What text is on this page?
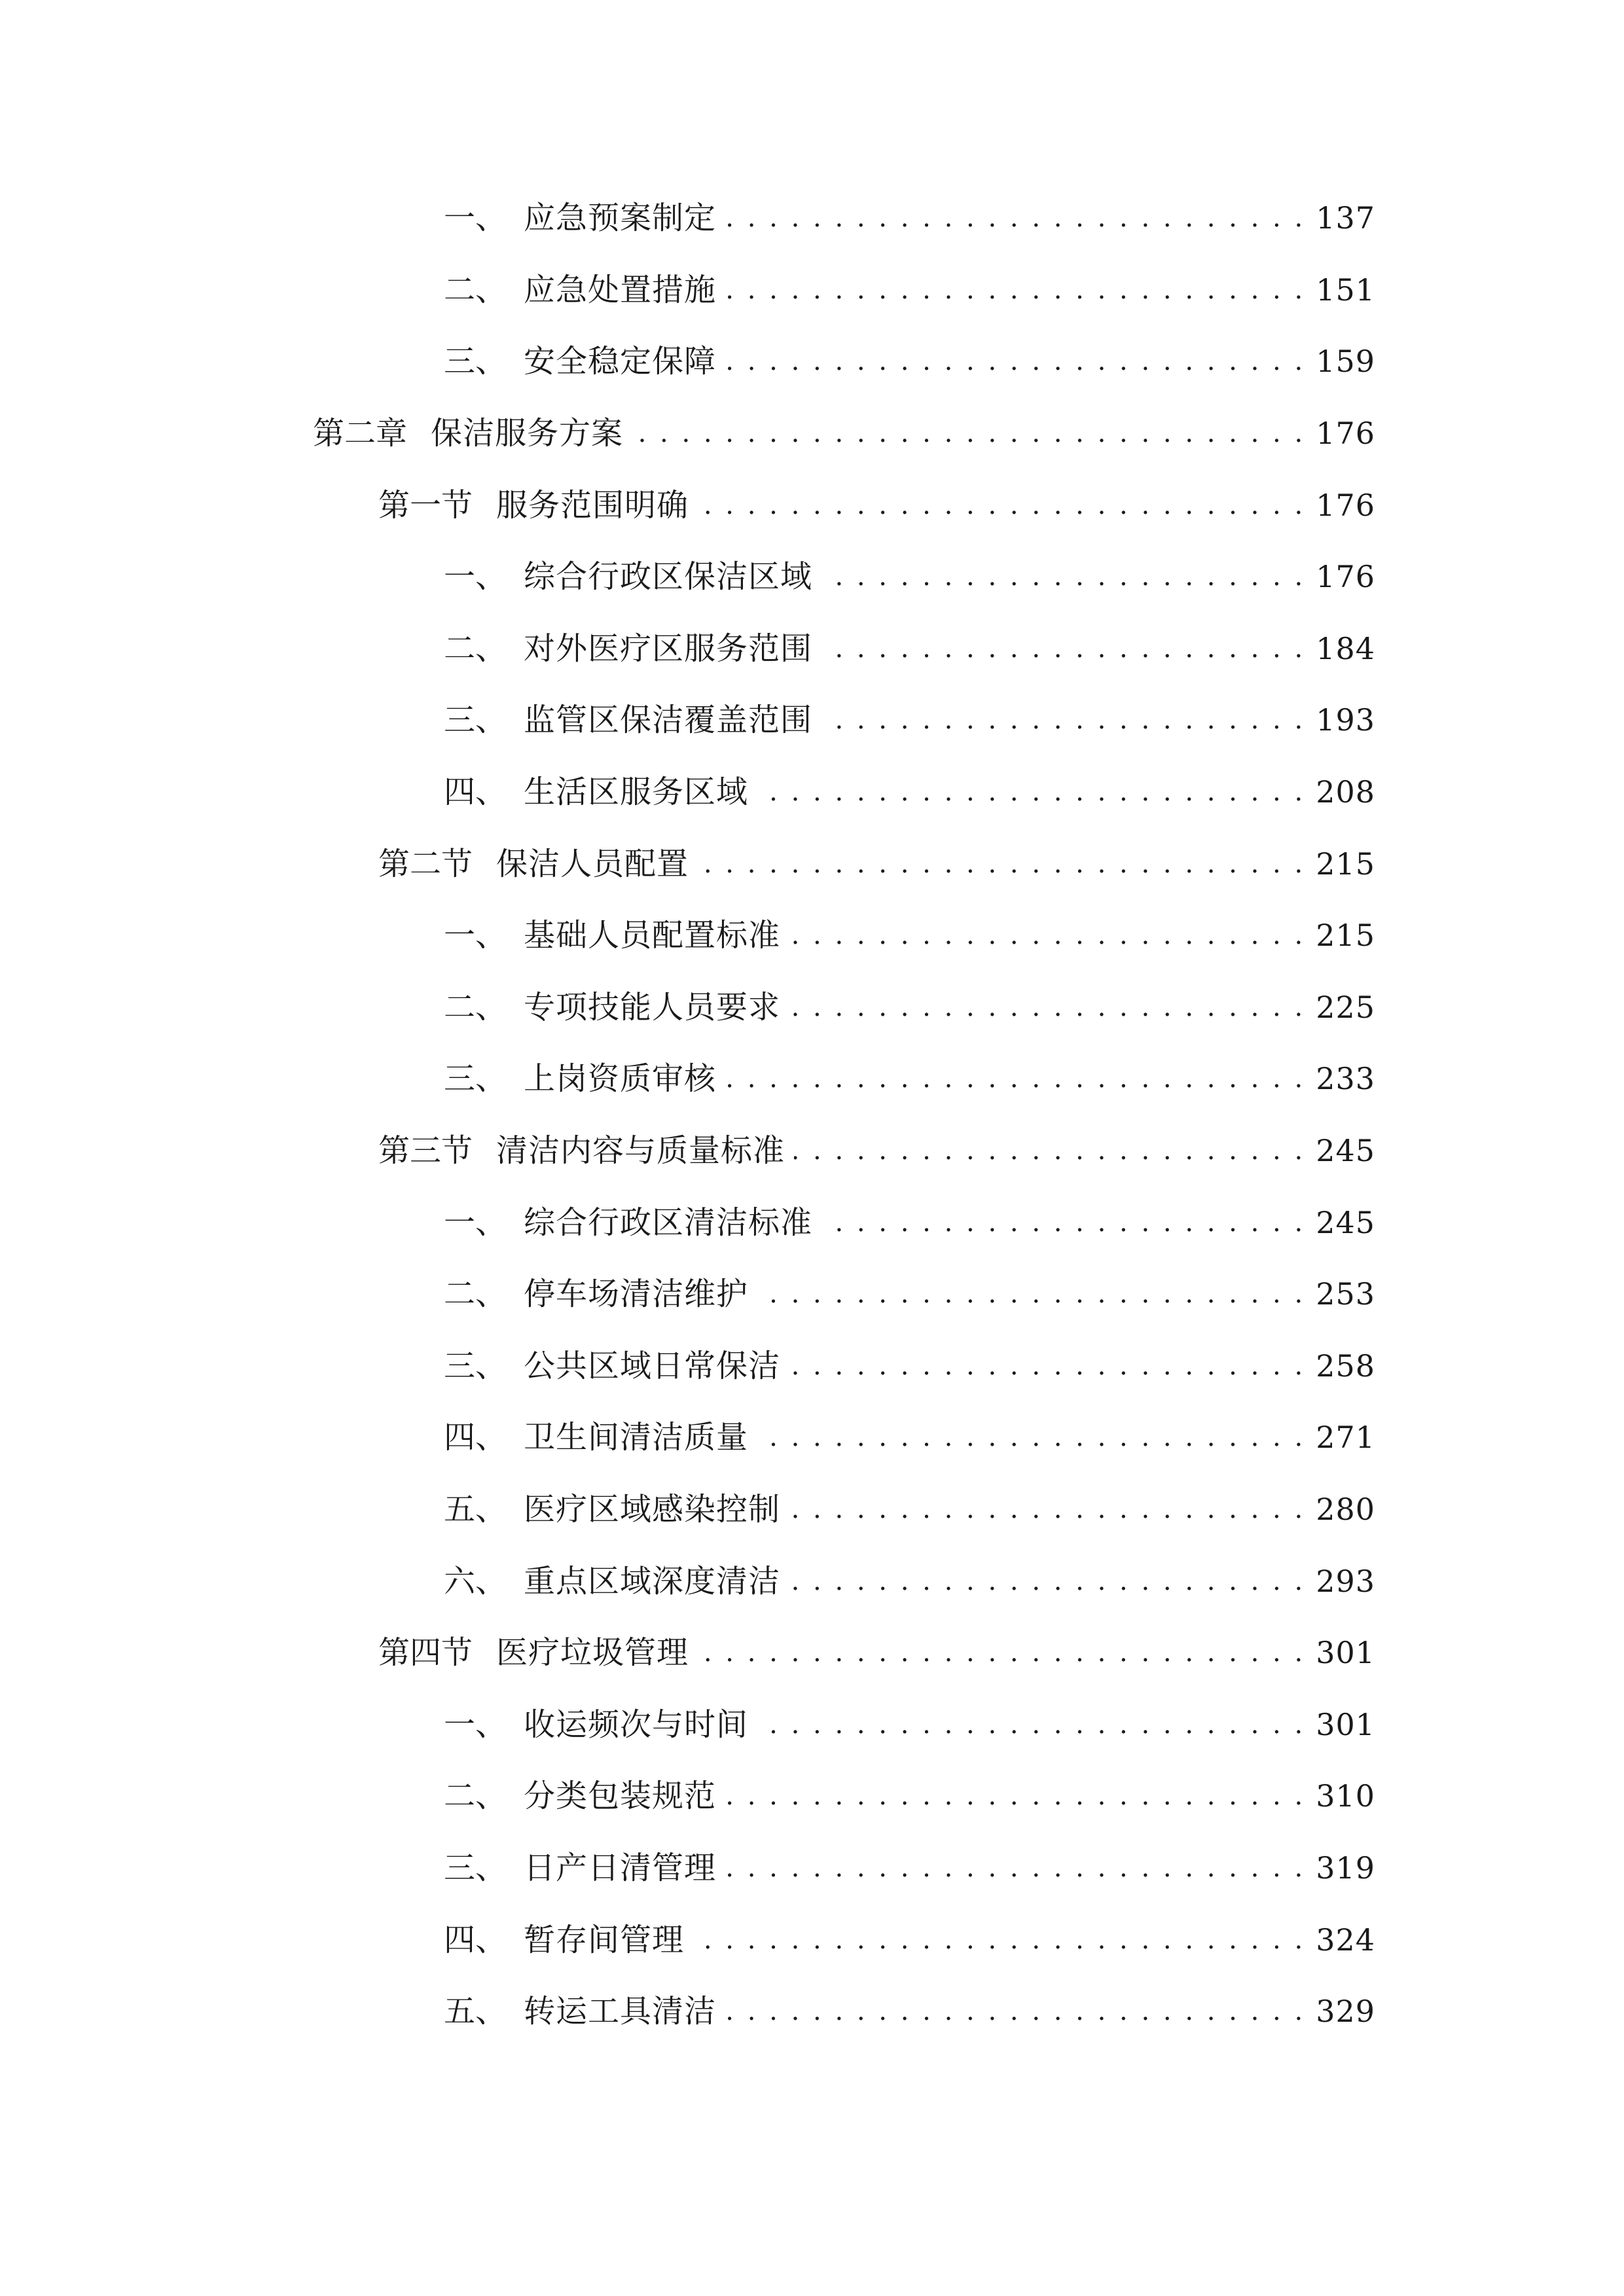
一、 应急预案制定 . . .	137
二、 应急处置措施 . . .	151
三、 安全稳定保障 . . .	159
第二章 保洁服务方案 . . .	176
第一节 服务范围明确 . . .	176
一、 综合行政区保洁区域 . . .	176
二、 对外医疗区服务范围 . . .	184
三、 监管区保洁覆盖范围 . . .	193
四、 生活区服务区域 . . .	208
第二节 保洁人员配置 . . .	215
一、 基础人员配置标准 . . .	215
二、 专项技能人员要求 . . .	225
三、 上岗资质审核 . . .	233
第三节 清洁内容与质量标准 . . .	245
一、 综合行政区清洁标准 . . .	245
二、 停车场清洁维护 . . .	253
三、 公共区域日常保洁 . . .	258
四、 卫生间清洁质量 . . .	271
五、 医疗区域感染控制 . . .	280
六、 重点区域深度清洁 . . .	293
第四节 医疗垃圾管理 . . .	301
一、 收运频次与时间 . . .	301
二、 分类包装规范 . . .	310
三、 日产日清管理 . . .	319
四、 暂存间管理 . . .	324
五、 转运工具清洁 . . .	329
